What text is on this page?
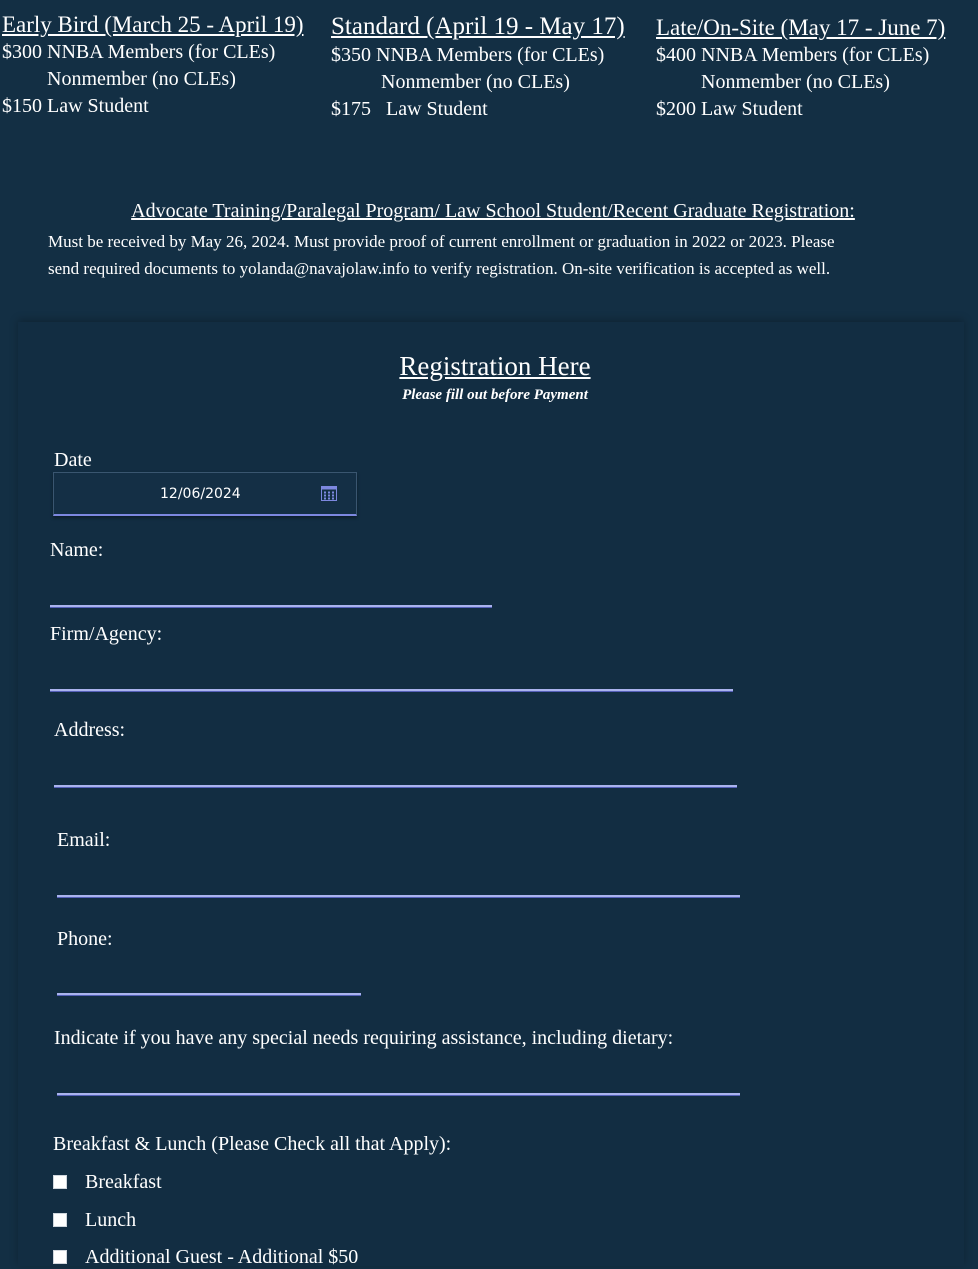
Early Bird (March 25 - April 19)
$300 NNBA Members (for CLEs)
Nonmember (no CLEs)
$150 Law Student
Standard (April 19 - May 17)
$350 NNBA Members (for CLEs)
Nonmember (no CLEs)
$175   Law Student
Late/On-Site (May 17 - June 7)
$400 NNBA Members (for CLEs)
Nonmember (no CLEs)
$200 Law Student
Advocate Training/Paralegal Program/ Law School Student/Recent Graduate Registration:
Must be received by May 26, 2024. Must provide proof of current enrollment or graduation in 2022 or 2023. Please
send required documents to yolanda@navajolaw.info to verify registration. On-site verification is accepted as well.
Registration Here
Please fill out before Payment
Date
12/06/2024
Name:
Firm/Agency:
Address:
Email:
Phone:
Indicate if you have any special needs requiring assistance, including dietary:
Breakfast & Lunch (Please Check all that Apply):
Breakfast
Lunch
Additional Guest - Additional $50
